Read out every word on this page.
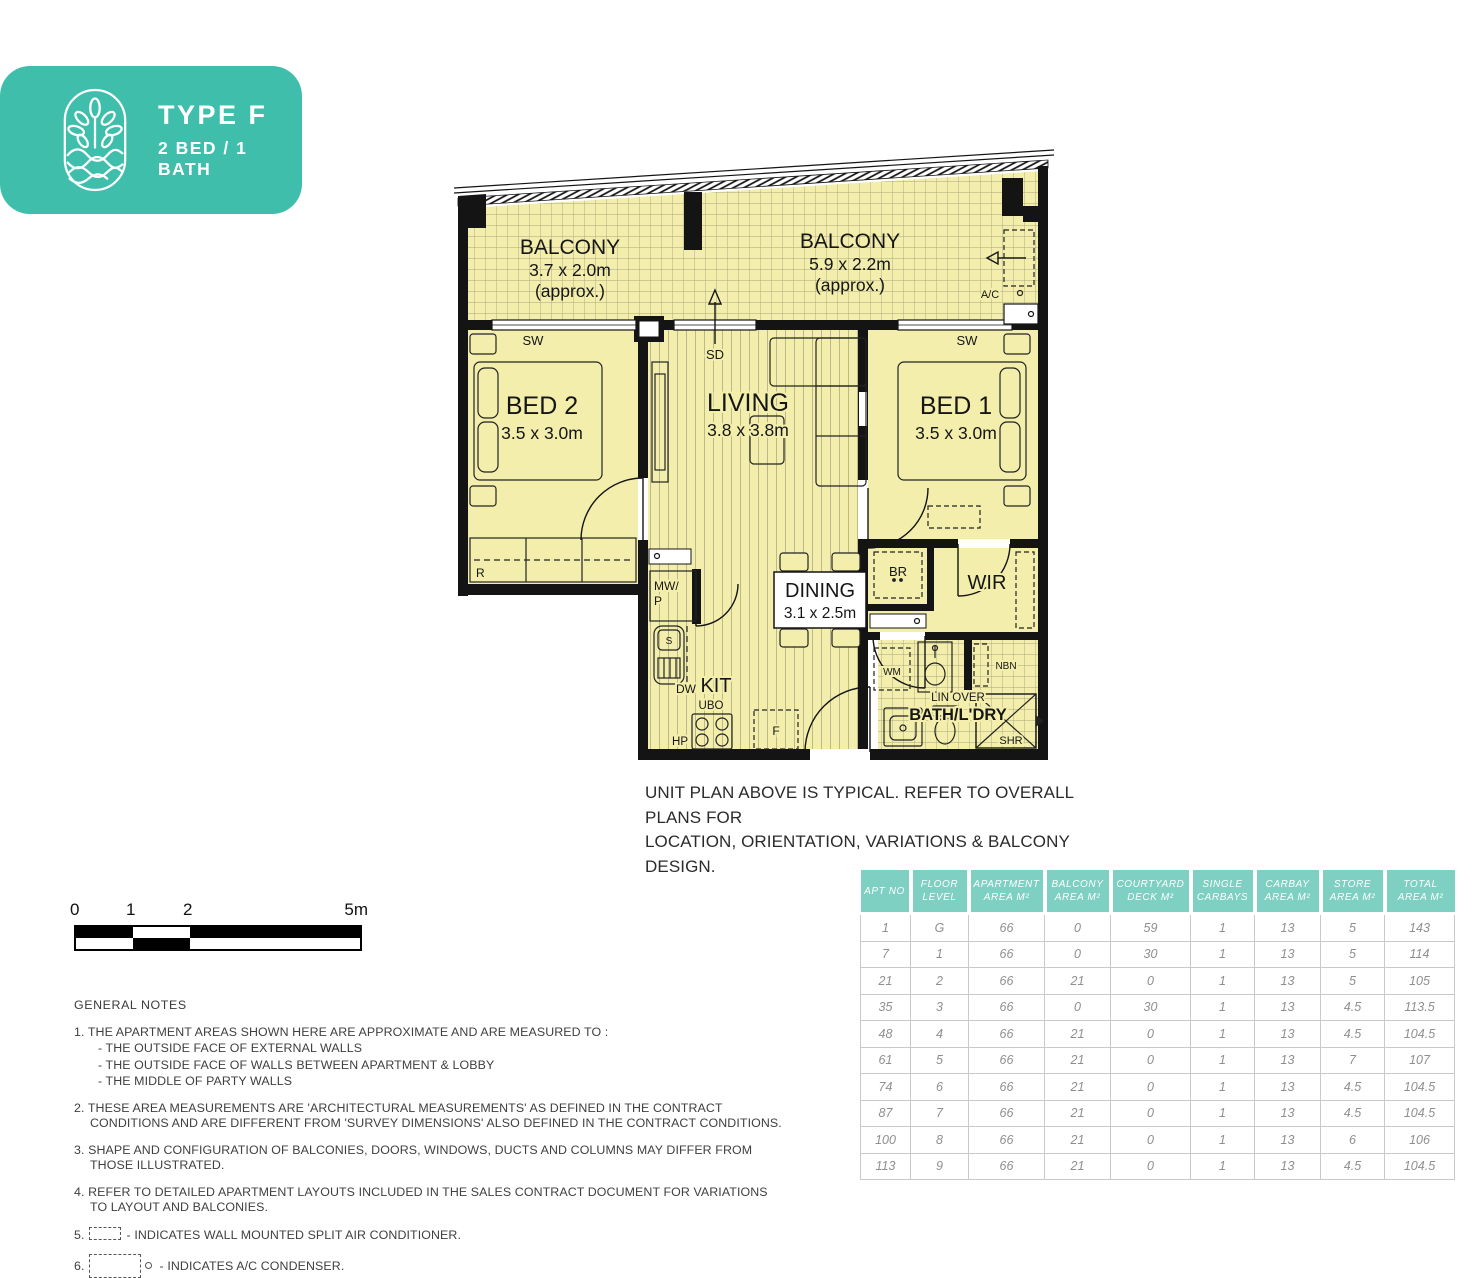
TYPE F
2 BED / 1 BATH
BALCONY
3.7 x 2.0m
(approx.)
BALCONY
5.9 x 2.2m
(approx.)	A/C
SW	SW
SD
BED 2
3.5 x 3.0m
LIVING
3.8 x 3.8m
BED 1
3.5 x 3.0m
DINING
3.1 x 2.5m
KIT
MW/
P
S
DW
UBO
HP
F
R	BR
WIR
WM
NBN
LIN OVER
BATH/L'DRY
SHR
UNIT PLAN ABOVE IS TYPICAL. REFER TO OVERALL PLANS FOR
LOCATION, ORIENTATION, VARIATIONS & BALCONY DESIGN.
0	1	2	5m
GENERAL NOTES
1. THE APARTMENT AREAS SHOWN HERE ARE APPROXIMATE AND ARE MEASURED TO :
- THE OUTSIDE FACE OF EXTERNAL WALLS
- THE OUTSIDE FACE OF WALLS BETWEEN APARTMENT & LOBBY
- THE MIDDLE OF PARTY WALLS
2. THESE AREA MEASUREMENTS ARE 'ARCHITECTURAL MEASUREMENTS' AS DEFINED IN THE CONTRACT CONDITIONS AND ARE DIFFERENT FROM 'SURVEY DIMENSIONS' ALSO DEFINED IN THE CONTRACT CONDITIONS.
3. SHAPE AND CONFIGURATION OF BALCONIES, DOORS, WINDOWS, DUCTS AND COLUMNS MAY DIFFER FROM THOSE ILLUSTRATED.
4. REFER TO DETAILED APARTMENT LAYOUTS INCLUDED IN THE SALES CONTRACT DOCUMENT FOR VARIATIONS TO LAYOUT AND BALCONIES.
5.	- INDICATES WALL MOUNTED SPLIT AIR CONDITIONER.
6.	- INDICATES A/C CONDENSER.
APT NO	FLOOR LEVEL	APARTMENT AREA M²	BALCONY AREA M²	COURTYARD DECK M²	SINGLE CARBAYS	CARBAY AREA M²	STORE AREA M²	TOTAL AREA M²
1	G	66	0	59	1	13	5	143
7	1	66	0	30	1	13	5	114
21	2	66	21	0	1	13	5	105
35	3	66	0	30	1	13	4.5	113.5
48	4	66	21	0	1	13	4.5	104.5
61	5	66	21	0	1	13	7	107
74	6	66	21	0	1	13	4.5	104.5
87	7	66	21	0	1	13	4.5	104.5
100	8	66	21	0	1	13	6	106
113	9	66	21	0	1	13	4.5	104.5
